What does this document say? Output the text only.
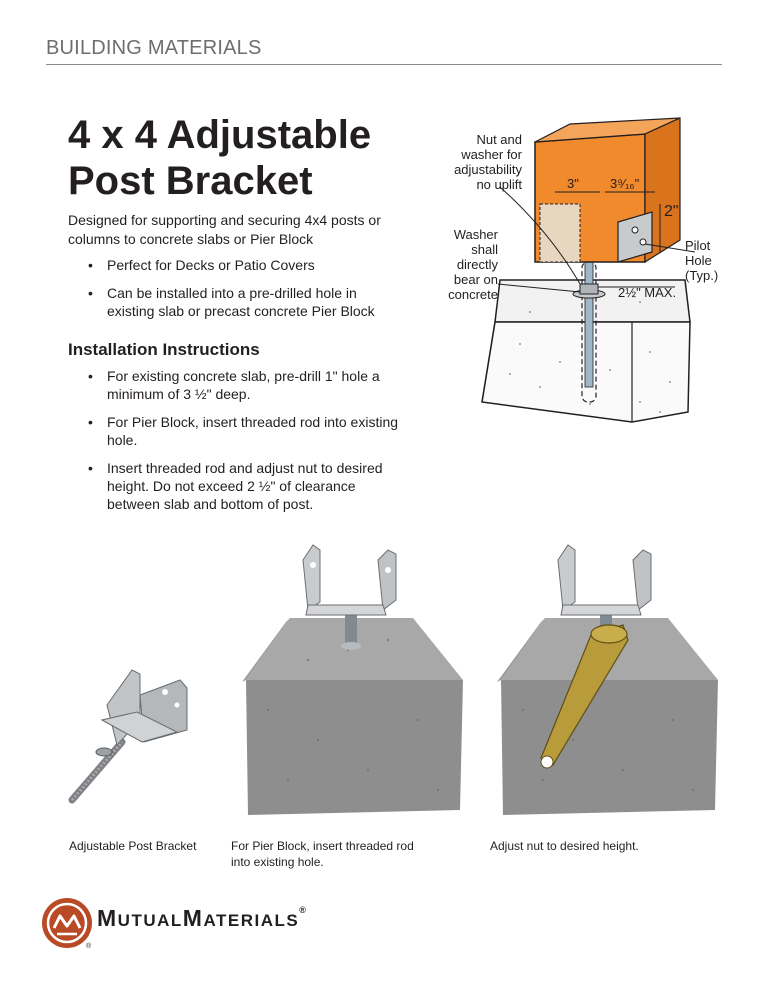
BUILDING MATERIALS
4 x 4 Adjustable
Post Bracket
Designed for supporting and securing 4x4 posts or columns to concrete slabs or Pier Block
• Perfect for Decks or Patio Covers
• Can be installed into a pre-drilled hole in existing slab or precast concrete Pier Block
Installation Instructions
• For existing concrete slab, pre-drill 1" hole a minimum of 3 ½" deep.
• For Pier Block, insert threaded rod into existing hole.
• Insert threaded rod and adjust nut to desired height. Do not exceed 2 ½" of clearance between slab and bottom of post.
Nut and
washer for
adjustability
no uplift
Washer
shall
directly
bear on
concrete
Pilot
Hole
(Typ.)
3" 3⁹⁄₁₆"
2"
2½" MAX.
Adjustable Post Bracket	For Pier Block, insert threaded rod into existing hole.
Adjust nut to desired height.
MUTUALMATERIALS®
®
